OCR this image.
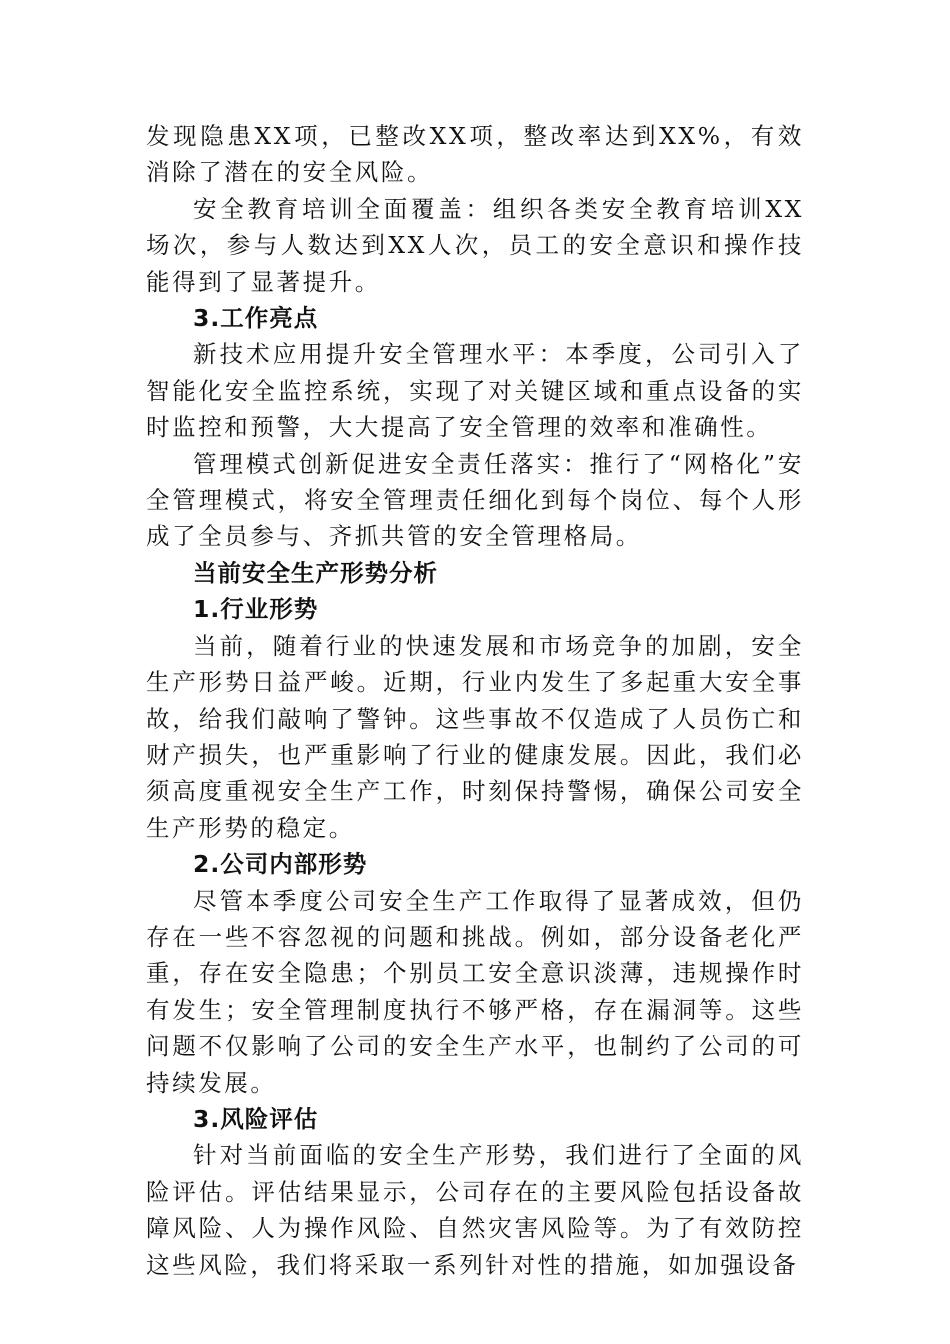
发现隐患XX项，已整改XX项，整改率达到XX%，有效消除了潜在的安全风险。
安全教育培训全面覆盖：组织各类安全教育培训XX场次，参与人数达到XX人次，员工的安全意识和操作技能得到了显著提升。
3.工作亮点
新技术应用提升安全管理水平：本季度，公司引入了智能化安全监控系统，实现了对关键区域和重点设备的实时监控和预警，大大提高了安全管理的效率和准确性。
管理模式创新促进安全责任落实：推行了“网格化”安全管理模式，将安全管理责任细化到每个岗位、每个人形成了全员参与、齐抓共管的安全管理格局。
当前安全生产形势分析
1.行业形势
当前，随着行业的快速发展和市场竞争的加剧，安全生产形势日益严峻。近期，行业内发生了多起重大安全事故，给我们敲响了警钟。这些事故不仅造成了人员伤亡和财产损失，也严重影响了行业的健康发展。因此，我们必须高度重视安全生产工作，时刻保持警惕，确保公司安全生产形势的稳定。
2.公司内部形势
尽管本季度公司安全生产工作取得了显著成效，但仍存在一些不容忽视的问题和挑战。例如，部分设备老化严重，存在安全隐患；个别员工安全意识淡薄，违规操作时有发生；安全管理制度执行不够严格，存在漏洞等。这些问题不仅影响了公司的安全生产水平，也制约了公司的可持续发展。
3.风险评估
针对当前面临的安全生产形势，我们进行了全面的风险评估。评估结果显示，公司存在的主要风险包括设备故障风险、人为操作风险、自然灾害风险等。为了有效防控这些风险，我们将采取一系列针对性的措施，如加强设备
